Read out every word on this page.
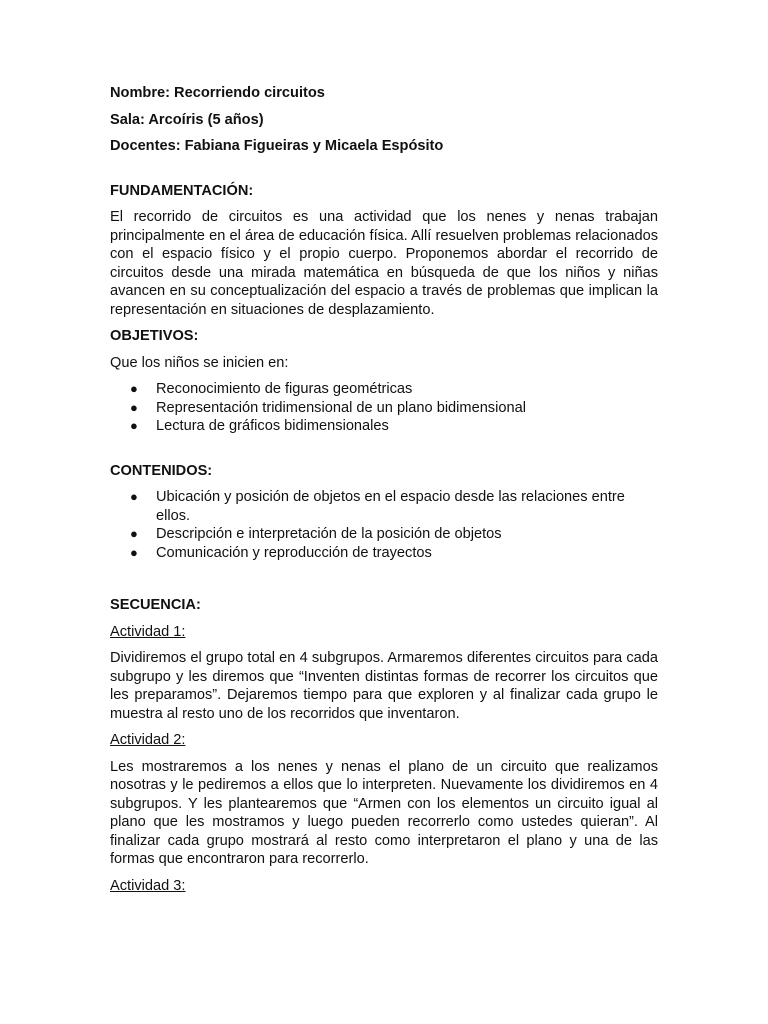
Nombre: Recorriendo circuitos

Sala: Arcoíris (5 años)

Docentes: Fabiana Figueiras y Micaela Espósito

FUNDAMENTACIÓN:

El recorrido de circuitos es una actividad que los nenes y nenas trabajan principalmente en el área de educación física. Allí resuelven problemas relacionados con el espacio físico y el propio cuerpo. Proponemos abordar el recorrido de circuitos desde una mirada matemática en búsqueda de que los niños y niñas avancen en su conceptualización del espacio a través de problemas que implican la representación en situaciones de desplazamiento.

OBJETIVOS:

Que los niños se inicien en:

● Reconocimiento de figuras geométricas
● Representación tridimensional de un plano bidimensional
● Lectura de gráficos bidimensionales

CONTENIDOS:

● Ubicación y posición de objetos en el espacio desde las relaciones entre ellos.
● Descripción e interpretación de la posición de objetos
● Comunicación y reproducción de trayectos

SECUENCIA:

Actividad 1:

Dividiremos el grupo total en 4 subgrupos. Armaremos diferentes circuitos para cada subgrupo y les diremos que “Inventen distintas formas de recorrer los circuitos que les preparamos”. Dejaremos tiempo para que exploren y al finalizar cada grupo le muestra al resto uno de los recorridos que inventaron.

Actividad 2:

Les mostraremos a los nenes y nenas el plano de un circuito que realizamos nosotras y le pediremos a ellos que lo interpreten. Nuevamente los dividiremos en 4 subgrupos. Y les plantearemos que “Armen con los elementos un circuito igual al plano que les mostramos y luego pueden recorrerlo como ustedes quieran”. Al finalizar cada grupo mostrará al resto como interpretaron el plano y una de las formas que encontraron para recorrerlo.

Actividad 3:
